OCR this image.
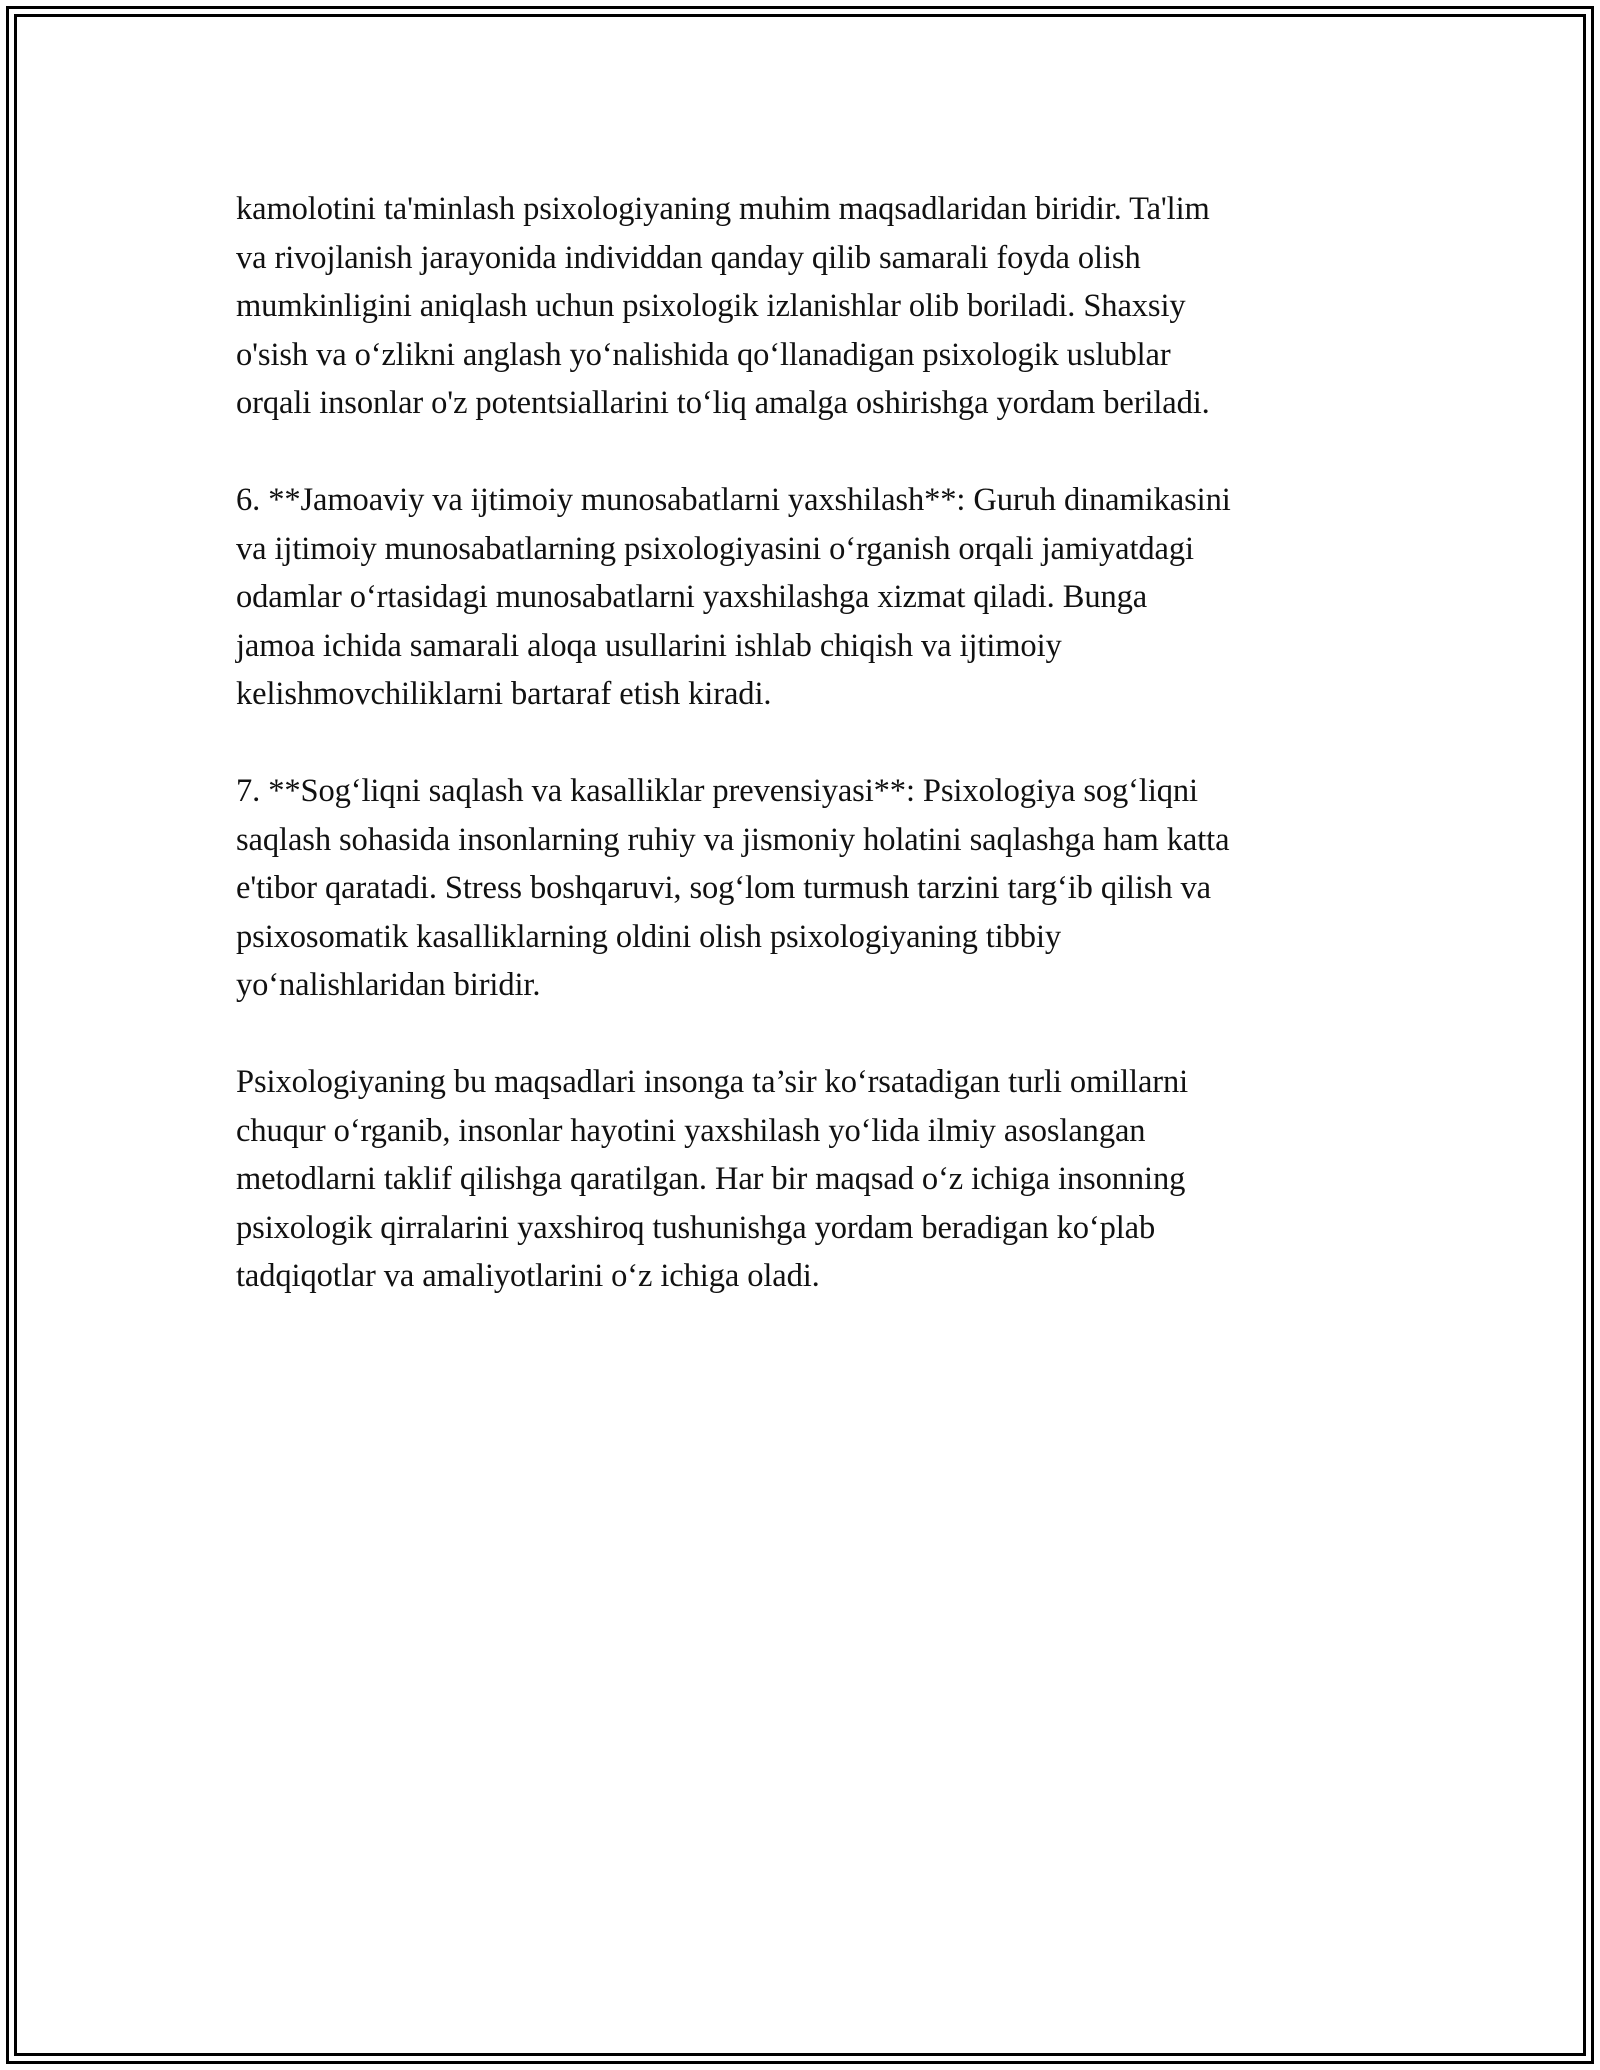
kamolotini ta'minlash psixologiyaning muhim maqsadlaridan biridir. Ta'lim
va rivojlanish jarayonida individdan qanday qilib samarali foyda olish
mumkinligini aniqlash uchun psixologik izlanishlar olib boriladi. Shaxsiy
o'sish va o‘zlikni anglash yo‘nalishida qo‘llanadigan psixologik uslublar
orqali insonlar o'z potentsiallarini to‘liq amalga oshirishga yordam beriladi.

6. **Jamoaviy va ijtimoiy munosabatlarni yaxshilash**: Guruh dinamikasini
va ijtimoiy munosabatlarning psixologiyasini o‘rganish orqali jamiyatdagi
odamlar o‘rtasidagi munosabatlarni yaxshilashga xizmat qiladi. Bunga
jamoa ichida samarali aloqa usullarini ishlab chiqish va ijtimoiy
kelishmovchiliklarni bartaraf etish kiradi.

7. **Sog‘liqni saqlash va kasalliklar prevensiyasi**: Psixologiya sog‘liqni
saqlash sohasida insonlarning ruhiy va jismoniy holatini saqlashga ham katta
e'tibor qaratadi. Stress boshqaruvi, sog‘lom turmush tarzini targ‘ib qilish va
psixosomatik kasalliklarning oldini olish psixologiyaning tibbiy
yo‘nalishlaridan biridir.

Psixologiyaning bu maqsadlari insonga ta’sir ko‘rsatadigan turli omillarni
chuqur o‘rganib, insonlar hayotini yaxshilash yo‘lida ilmiy asoslangan
metodlarni taklif qilishga qaratilgan. Har bir maqsad o‘z ichiga insonning
psixologik qirralarini yaxshiroq tushunishga yordam beradigan ko‘plab
tadqiqotlar va amaliyotlarini o‘z ichiga oladi.
